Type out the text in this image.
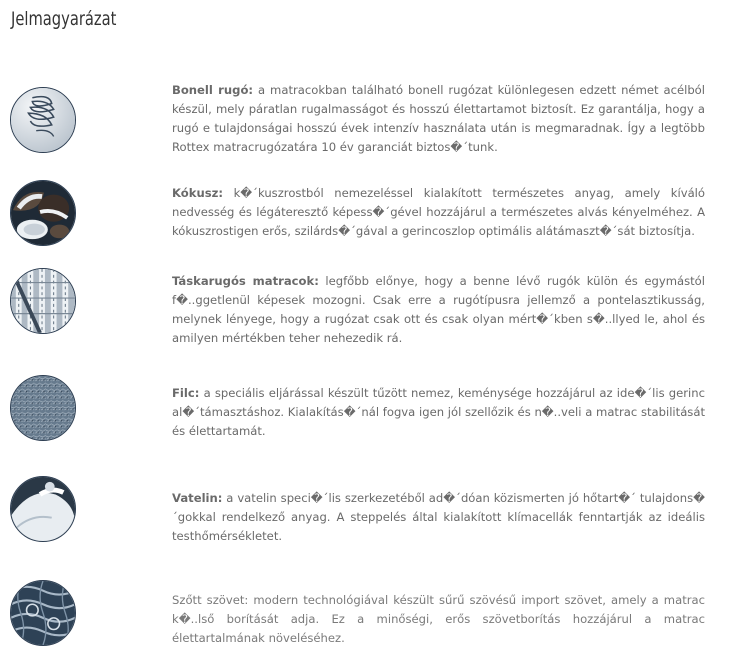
Jelmagyarázat
Bonell rugó: a matracokban található bonell rugózat különlegesen edzett német acélból készül, mely páratlan rugalmasságot és hosszú élettartamot biztosít. Ez garantálja, hogy a rugó e tulajdonságai hosszú évek intenzív használata után is megmaradnak. Így a legtöbb Rottex matracrugózatára 10 év garanciát biztos�´tunk.
Kókusz: k�´kuszrostból nemezeléssel kialakított természetes anyag, amely kíváló nedvesség és légáteresztő képess�´gével hozzájárul a természetes alvás kényelméhez. A kókuszrostigen erős, szilárds�´gával a gerincoszlop optimális alátámaszt�´sát biztosítja.
Táskarugós matracok: legfőbb előnye, hogy a benne lévő rugók külön és egymástól f�..ggetlenül képesek mozogni. Csak erre a rugótípusra jellemző a pontelasztikusság, melynek lényege, hogy a rugózat csak ott és csak olyan mért�´kben s�..llyed le, ahol és amilyen mértékben teher nehezedik rá.
Filc: a speciális eljárással készült tűzött nemez, keménysége hozzájárul az ide�´lis gerinc al�´támasztáshoz. Kialakítás�´nál fogva igen jól szellőzik és n�..veli a matrac stabilitását és élettartamát.
Vatelin: a vatelin speci�´lis szerkezetéből ad�´dóan közismerten jó hőtart�´ tulajdons�´gokkal rendelkező anyag. A steppelés által kialakított klímacellák fenntartják az ideális testhőmérsékletet.
Szőtt szövet: modern technológiával készült sűrű szövésű import szövet, amely a matrac k�..lső borítását adja. Ez a minőségi, erős szövetborítás hozzájárul a matrac élettartalmának növeléséhez.
